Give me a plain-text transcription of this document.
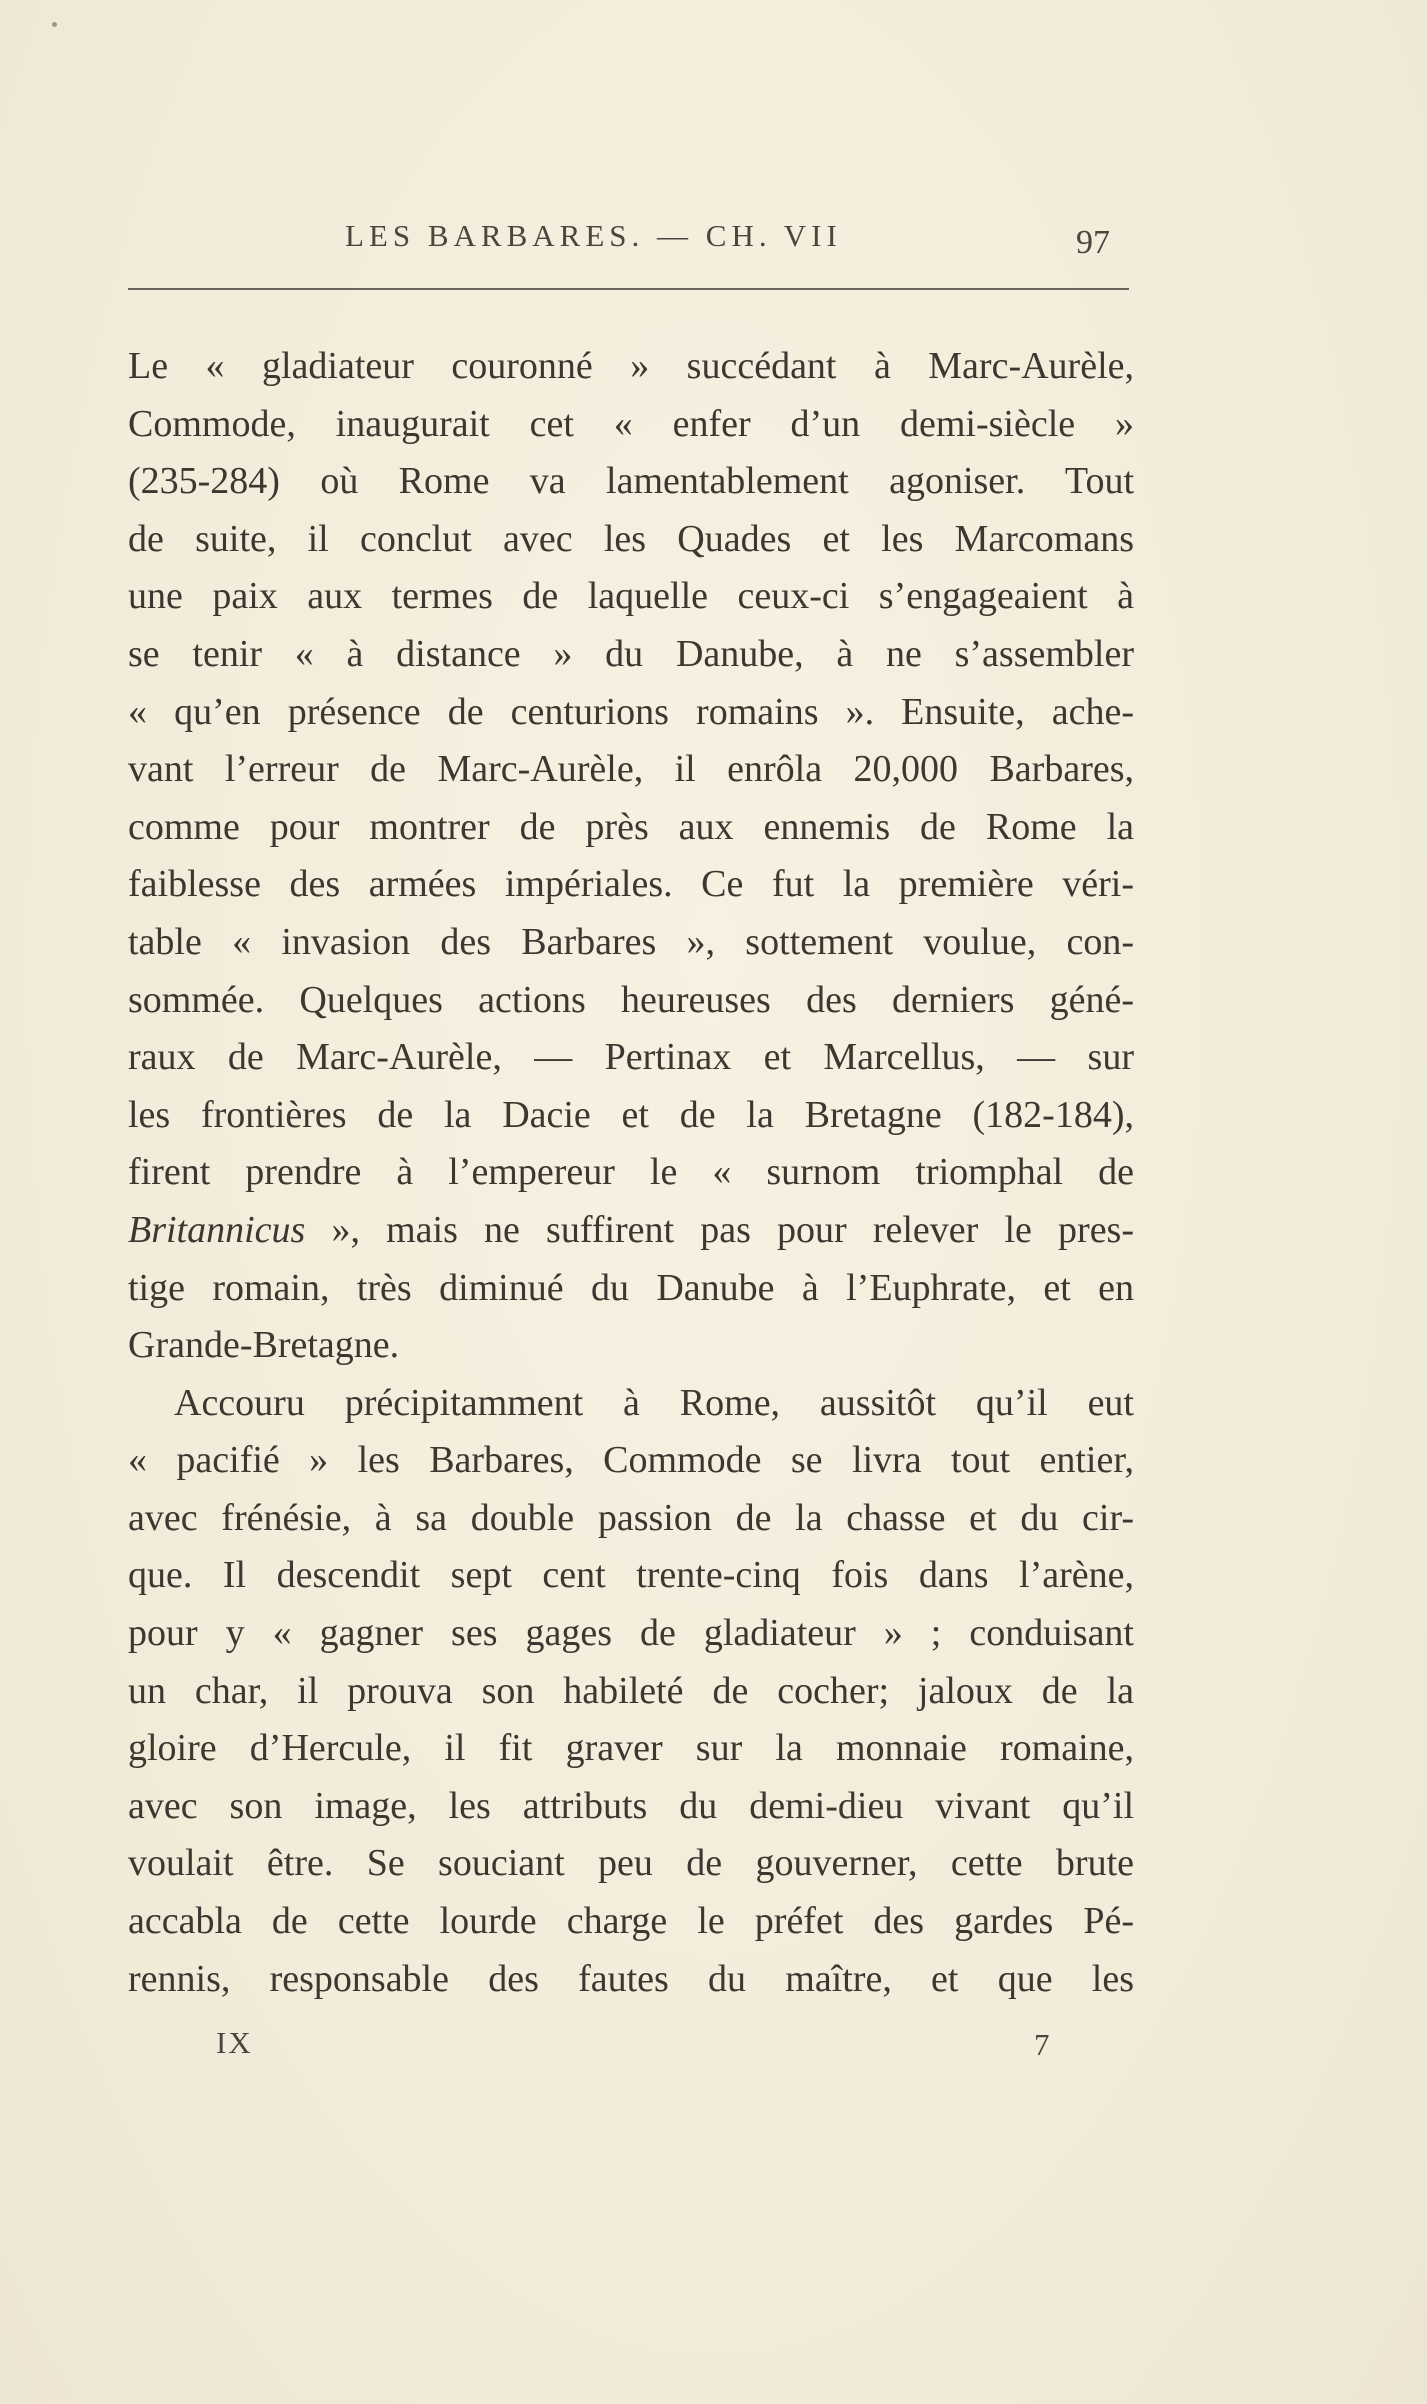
LES BARBARES. — CH. VII	97
Le « gladiateur couronné » succédant à Marc-Aurèle,
Commode, inaugurait cet « enfer d’un demi-siècle »
(235-284) où Rome va lamentablement agoniser. Tout
de suite, il conclut avec les Quades et les Marcomans
une paix aux termes de laquelle ceux-ci s’engageaient à
se tenir « à distance » du Danube, à ne s’assembler
« qu’en présence de centurions romains ». Ensuite, ache-
vant l’erreur de Marc-Aurèle, il enrôla 20,000 Barbares,
comme pour montrer de près aux ennemis de Rome la
faiblesse des armées impériales. Ce fut la première véri-
table « invasion des Barbares », sottement voulue, con-
sommée. Quelques actions heureuses des derniers géné-
raux de Marc-Aurèle, — Pertinax et Marcellus, — sur
les frontières de la Dacie et de la Bretagne (182-184),
firent prendre à l’empereur le « surnom triomphal de
Britannicus », mais ne suffirent pas pour relever le pres-
tige romain, très diminué du Danube à l’Euphrate, et en
Grande-Bretagne.
Accouru précipitamment à Rome, aussitôt qu’il eut
« pacifié » les Barbares, Commode se livra tout entier,
avec frénésie, à sa double passion de la chasse et du cir-
que. Il descendit sept cent trente-cinq fois dans l’arène,
pour y « gagner ses gages de gladiateur » ; conduisant
un char, il prouva son habileté de cocher; jaloux de la
gloire d’Hercule, il fit graver sur la monnaie romaine,
avec son image, les attributs du demi-dieu vivant qu’il
voulait être. Se souciant peu de gouverner, cette brute
accabla de cette lourde charge le préfet des gardes Pé-
rennis, responsable des fautes du maître, et que les
IX	7
